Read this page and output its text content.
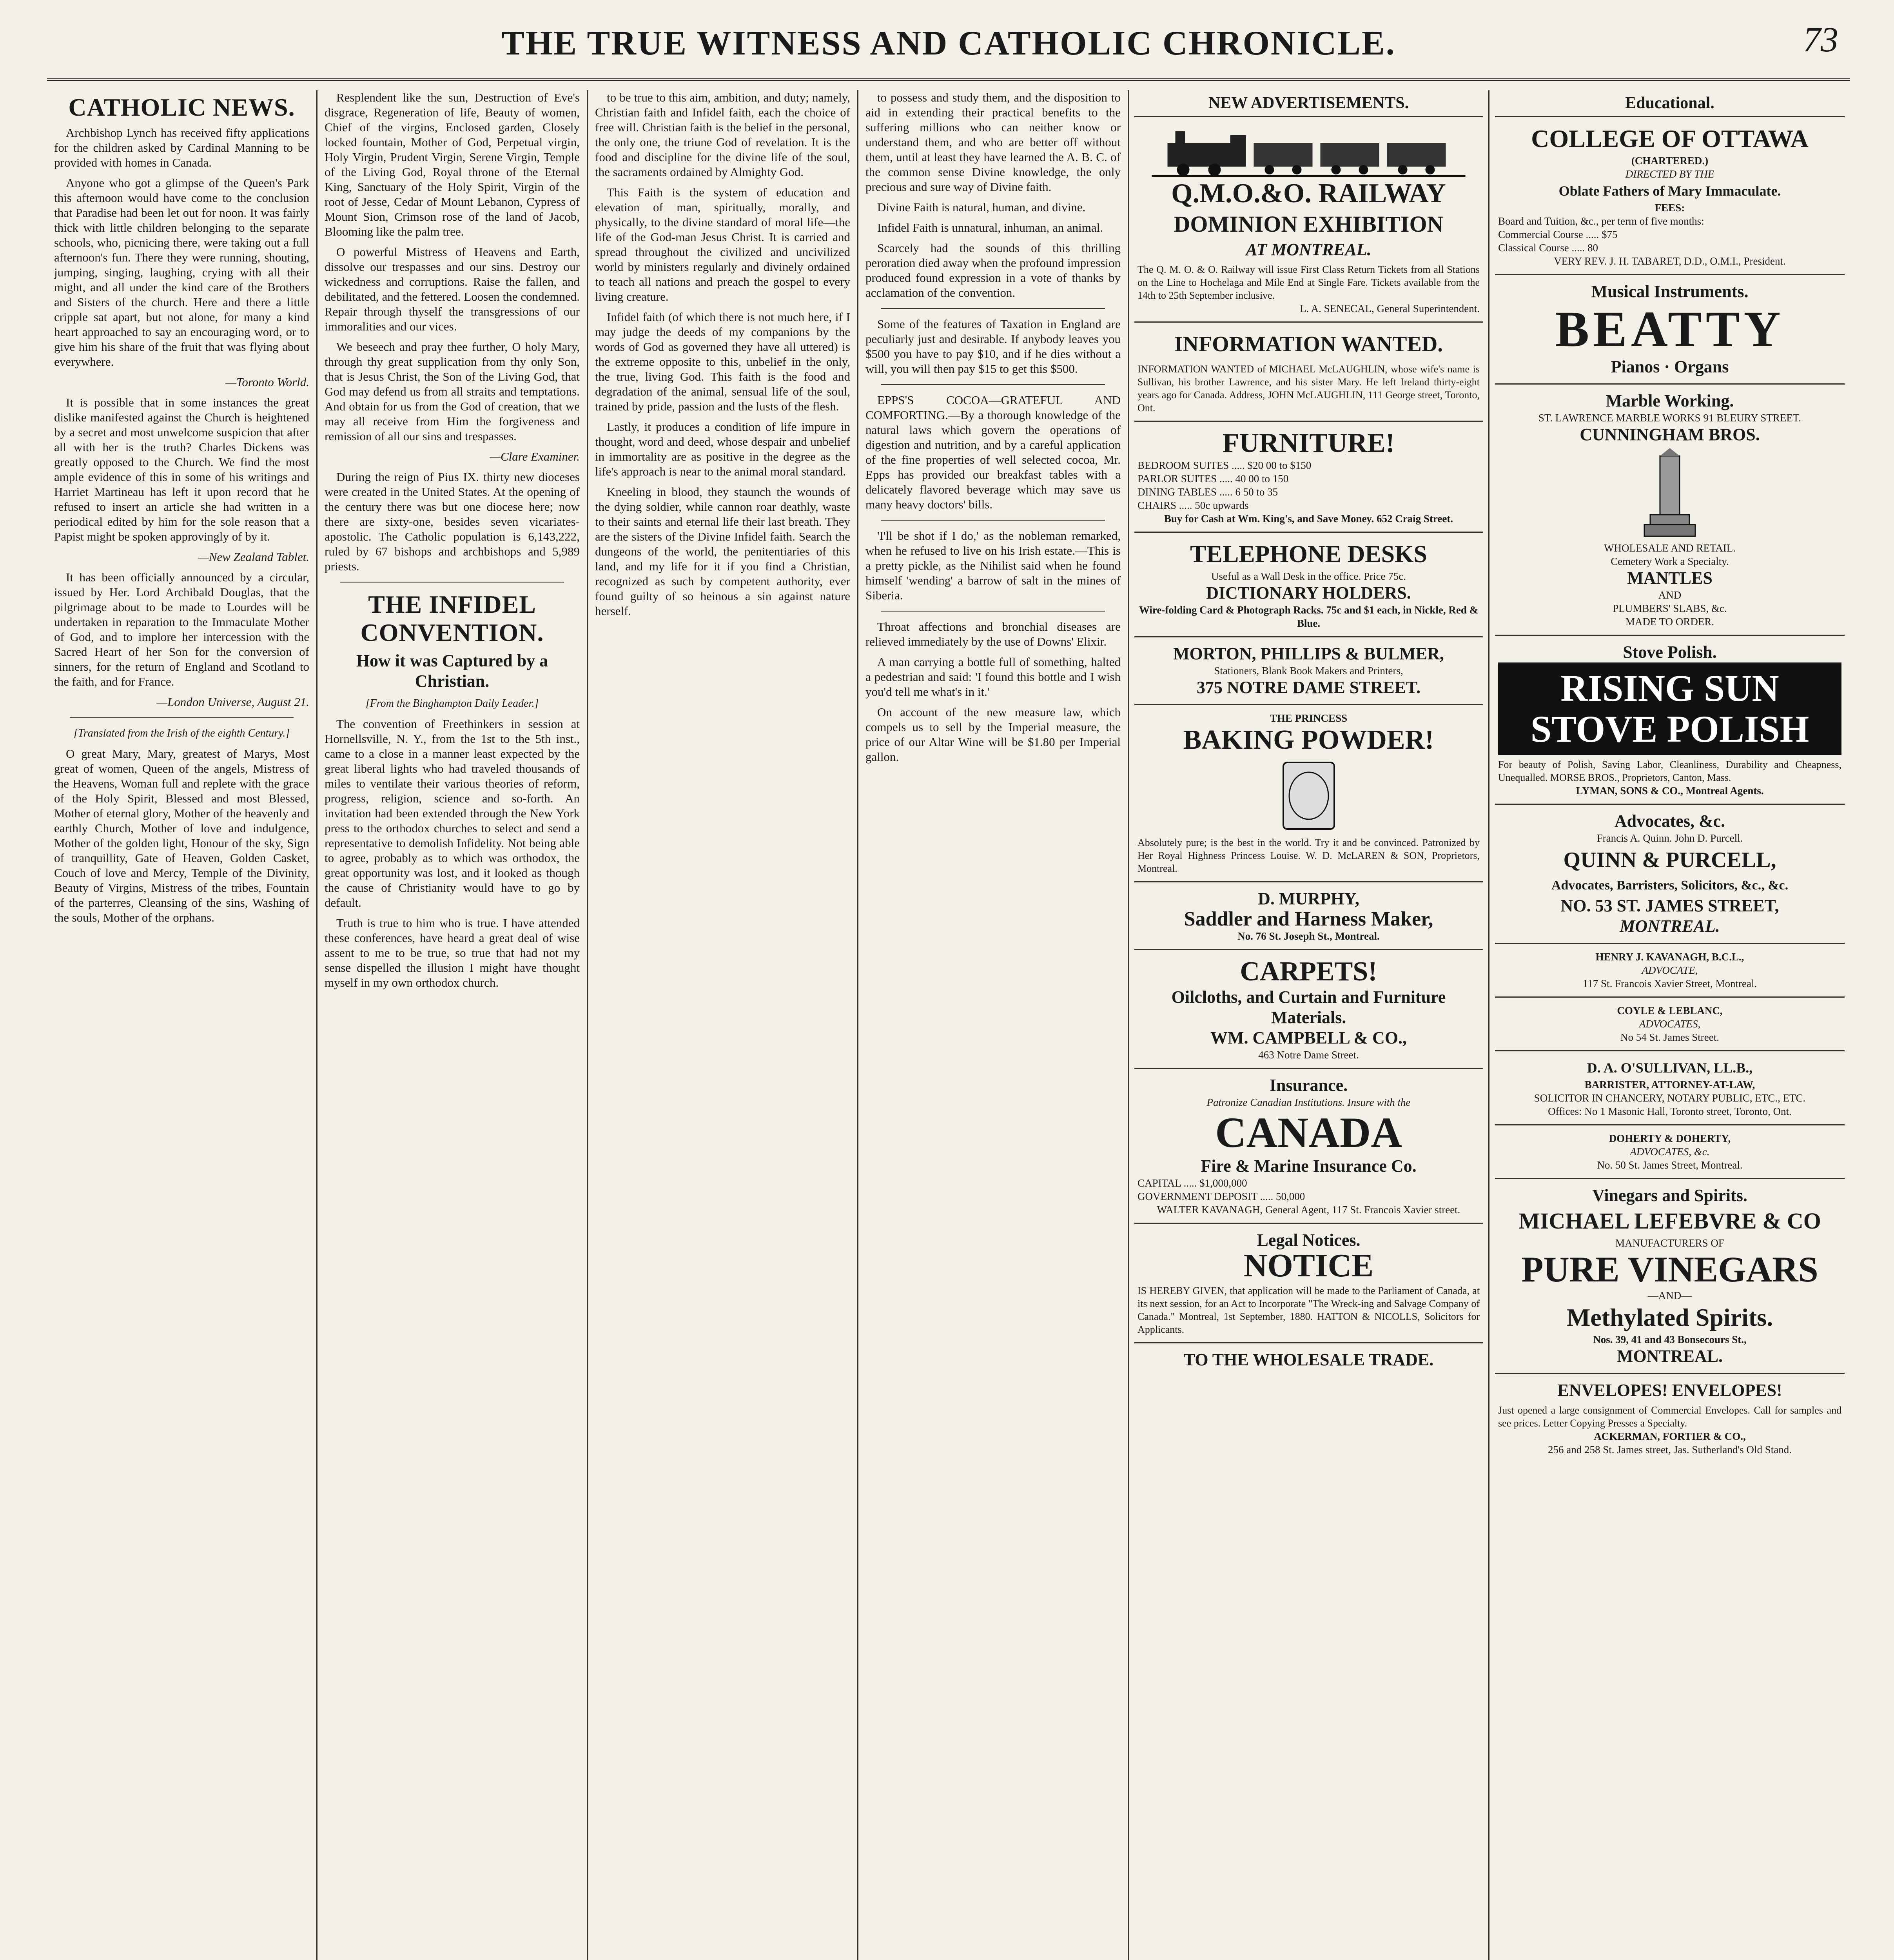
THE TRUE WITNESS AND CATHOLIC CHRONICLE.	73
CATHOLIC NEWS.

Archbishop Lynch has received fifty applications for the children asked by Cardinal Manning to be provided with homes in Canada.

Anyone who got a glimpse of the Queen's Park this afternoon would have come to the conclusion that Paradise had been let out for noon. It was fairly thick with little children belonging to the separate schools, who, picnicing there, were taking out a full afternoon's fun. There they were running, shouting, jumping, singing, laughing, crying with all their might, and all under the kind care of the Brothers and Sisters of the church. Here and there a little cripple sat apart, but not alone, for many a kind heart approached to say an encouraging word, or to give him his share of the fruit that was flying about everywhere.

—Toronto World.

It is possible that in some instances the great dislike manifested against the Church is heightened by a secret and most unwelcome suspicion that after all with her is the truth? Charles Dickens was greatly opposed to the Church. We find the most ample evidence of this in some of his writings and Harriet Martineau has left it upon record that he refused to insert an article she had written in a periodical edited by him for the sole reason that a Papist might be spoken approvingly of by it.

—New Zealand Tablet.

It has been officially announced by a circular, issued by Her. Lord Archibald Douglas, that the pilgrimage about to be made to Lourdes will be undertaken in reparation to the Immaculate Mother of God, and to implore her intercession with the Sacred Heart of her Son for the conversion of sinners, for the return of England and Scotland to the faith, and for France.

—London Universe, August 21.

[Translated from the Irish of the eighth Century.]

O great Mary, Mary, greatest of Marys, Most great of women, Queen of the angels, Mistress of the Heavens, Woman full and replete with the grace of the Holy Spirit, Blessed and most Blessed, Mother of eternal glory, Mother of the heavenly and earthly Church, Mother of love and indulgence, Mother of the golden light, Honour of the sky, Sign of tranquillity, Gate of Heaven, Golden Casket, Couch of love and Mercy, Temple of the Divinity, Beauty of Virgins, Mistress of the tribes, Fountain of the parterres, Cleansing of the sins, Washing of the souls, Mother of the orphans.

Resplendent like the sun, Destruction of Eve's disgrace, Regeneration of life, Beauty of women, Chief of the virgins, Enclosed garden, Closely locked fountain, Mother of God, Perpetual virgin, Holy Virgin, Prudent Virgin, Serene Virgin, Temple of the Living God, Royal throne of the Eternal King, Sanctuary of the Holy Spirit, Virgin of the root of Jesse, Cedar of Mount Lebanon, Cypress of Mount Sion, Crimson rose of the land of Jacob, Blooming like the palm tree.

O powerful Mistress of Heavens and Earth, dissolve our trespasses and our sins. Destroy our wickedness and corruptions. Raise the fallen, and debilitated, and the fettered. Loosen the condemned. Repair through thyself the transgressions of our immoralities and our vices.

We beseech and pray thee further, O holy Mary, through thy great supplication from thy only Son, that is Jesus Christ, the Son of the Living God, that God may defend us from all straits and temptations. And obtain for us from the God of creation, that we may all receive from Him the forgiveness and remission of all our sins and trespasses.

—Clare Examiner.

During the reign of Pius IX. thirty new dioceses were created in the United States. At the opening of the century there was but one diocese here; now there are sixty-one, besides seven vicariates-apostolic. The Catholic population is 6,143,222, ruled by 67 bishops and archbishops and 5,989 priests.

THE INFIDEL CONVENTION.
How it was Captured by a Christian.
[From the Binghampton Daily Leader.]

The convention of Freethinkers in session at Hornellsville, N. Y., from the 1st to the 5th inst., came to a close in a manner least expected by the great liberal lights who had traveled thousands of miles to ventilate their various theories of reform, progress, religion, science and so-forth. An invitation had been extended through the New York press to the orthodox churches to select and send a representative to demolish Infidelity. Not being able to agree, probably as to which was orthodox, the great opportunity was lost, and it looked as though the cause of Christianity would have to go by default.

Truth is true to him who is true. I have attended these conferences, have heard a great deal of wise assent to me to be true, so true that had not my sense dispelled the illusion I might have thought myself in my own orthodox church.

to be true to this aim, ambition, and duty; namely, Christian faith and Infidel faith, each the choice of free will. Christian faith is the belief in the personal, the only one, the triune God of revelation. It is the food and discipline for the divine life of the soul, the sacraments ordained by Almighty God.

This Faith is the system of education and elevation of man, spiritually, morally, and physically, to the divine standard of moral life—the life of the God-man Jesus Christ. It is carried and spread throughout the civilized and uncivilized world by ministers regularly and divinely ordained to teach all nations and preach the gospel to every living creature.

Infidel faith (of which there is not much here, if I may judge the deeds of my companions by the words of God as governed they have all uttered) is the extreme opposite to this, unbelief in the only, the true, living God. This faith is the food and degradation of the animal, sensual life of the soul, trained by pride, passion and the lusts of the flesh.

Lastly, it produces a condition of life impure in thought, word and deed, whose despair and unbelief in immortality are as positive in the degree as the life's approach is near to the animal moral standard.

Kneeling in blood, they staunch the wounds of the dying soldier, while cannon roar deathly, waste to their saints and eternal life their last breath. They are the sisters of the Divine Infidel faith. Search the dungeons of the world, the penitentiaries of this land, and my life for it if you find a Christian, recognized as such by competent authority, ever found guilty of so heinous a sin against nature herself.

to possess and study them, and the disposition to aid in extending their practical benefits to the suffering millions who can neither know or understand them, and who are better off without them, until at least they have learned the A. B. C. of the common sense Divine knowledge, the only precious and sure way of Divine faith.

Divine Faith is natural, human, and divine.

Infidel Faith is unnatural, inhuman, an animal.

Scarcely had the sounds of this thrilling peroration died away when the profound impression produced found expression in a vote of thanks by acclamation of the convention.

Some of the features of Taxation in England are peculiarly just and desirable. If anybody leaves you $500 you have to pay $10, and if he dies without a will, you will then pay $15 to get this $500.

EPPS'S COCOA—GRATEFUL AND COMFORTING.—By a thorough knowledge of the natural laws which govern the operations of digestion and nutrition, and by a careful application of the fine properties of well selected cocoa, Mr. Epps has provided our breakfast tables with a delicately flavored beverage which may save us many heavy doctors' bills.

'I'll be shot if I do,' as the nobleman remarked, when he refused to live on his Irish estate.—This is a pretty pickle, as the Nihilist said when he found himself 'wending' a barrow of salt in the mines of Siberia.

Throat affections and bronchial diseases are relieved immediately by the use of Downs' Elixir.

A man carrying a bottle full of something, halted a pedestrian and said: 'I found this bottle and I wish you'd tell me what's in it.'

On account of the new measure law, which compels us to sell by the Imperial measure, the price of our Altar Wine will be $1.80 per Imperial gallon.

NEW ADVERTISEMENTS.
Q.M.O.&O. RAILWAY
DOMINION EXHIBITION
AT MONTREAL.
The Q. M. O. & O. Railway will issue First Class Return Tickets from all Stations on the Line to Hochelaga and Mile End at Single Fare. Tickets available from the 14th to 25th September inclusive.
L. A. SENECAL, General Superintendent.
INFORMATION WANTED.
INFORMATION WANTED of MICHAEL McLAUGHLIN, whose wife's name is Sullivan, his brother Lawrence, and his sister Mary. He left Ireland thirty-eight years ago for Canada. Address, JOHN McLAUGHLIN, 111 George street, Toronto, Ont.
FURNITURE!
BEDROOM SUITES ..... $20 00 to $150
PARLOR SUITES ..... 40 00 to 150
DINING TABLES ..... 6 50 to 35
CHAIRS ..... 50c upwards
Buy for Cash at Wm. King's, and Save Money. 652 Craig Street.
TELEPHONE DESKS
Useful as a Wall Desk in the office. Price 75c.
DICTIONARY HOLDERS.
Wire-folding Card & Photograph Racks. 75c and $1 each, in Nickle, Red & Blue.
MORTON, PHILLIPS & BULMER,
Stationers, Blank Book Makers and Printers,
375 NOTRE DAME STREET.
THE PRINCESS
BAKING POWDER!
Absolutely pure; is the best in the world. Try it and be convinced. Patronized by Her Royal Highness Princess Louise. W. D. McLAREN & SON, Proprietors, Montreal.
D. MURPHY,
Saddler and Harness Maker,
No. 76 St. Joseph St., Montreal.
CARPETS!
Oilcloths, and Curtain and Furniture Materials.
WM. CAMPBELL & CO.,
463 Notre Dame Street.
Insurance.
Patronize Canadian Institutions. Insure with the
CANADA
Fire & Marine Insurance Co.
CAPITAL ..... $1,000,000
GOVERNMENT DEPOSIT ..... 50,000
WALTER KAVANAGH, General Agent, 117 St. Francois Xavier street.
Legal Notices.
NOTICE
IS HEREBY GIVEN, that application will be made to the Parliament of Canada, at its next session, for an Act to Incorporate "The Wreck-ing and Salvage Company of Canada." Montreal, 1st September, 1880. HATTON & NICOLLS, Solicitors for Applicants.
TO THE WHOLESALE TRADE.
Educational.
COLLEGE OF OTTAWA
(CHARTERED.)
DIRECTED BY THE
Oblate Fathers of Mary Immaculate.
FEES:
Board and Tuition, &c., per term of five months:
Commercial Course ..... $75
Classical Course ..... 80
VERY REV. J. H. TABARET, D.D., O.M.I., President.
Musical Instruments.
BEATTY
Pianos · Organs
Marble Working.
ST. LAWRENCE MARBLE WORKS 91 BLEURY STREET.
CUNNINGHAM BROS.
WHOLESALE AND RETAIL.
Cemetery Work a Specialty.
MANTLES
AND
PLUMBERS' SLABS, &c.
MADE TO ORDER.
Stove Polish.
RISING SUN
STOVE POLISH
For beauty of Polish, Saving Labor, Cleanliness, Durability and Cheapness, Unequalled. MORSE BROS., Proprietors, Canton, Mass.
LYMAN, SONS & CO., Montreal Agents.
Advocates, &c.
Francis A. Quinn. John D. Purcell.
QUINN & PURCELL,
Advocates, Barristers, Solicitors, &c., &c.
NO. 53 ST. JAMES STREET,
MONTREAL.
HENRY J. KAVANAGH, B.C.L.,
ADVOCATE,
117 St. Francois Xavier Street, Montreal.
COYLE & LEBLANC,
ADVOCATES,
No 54 St. James Street.
D. A. O'SULLIVAN, LL.B.,
BARRISTER, ATTORNEY-AT-LAW,
SOLICITOR IN CHANCERY, NOTARY PUBLIC, ETC., ETC.
Offices: No 1 Masonic Hall, Toronto street, Toronto, Ont.
DOHERTY & DOHERTY,
ADVOCATES, &c.
No. 50 St. James Street, Montreal.
Vinegars and Spirits.
MICHAEL LEFEBVRE & CO
MANUFACTURERS OF
PURE VINEGARS
—AND—
Methylated Spirits.
Nos. 39, 41 and 43 Bonsecours St.,
MONTREAL.
ENVELOPES! ENVELOPES!
Just opened a large consignment of Commercial Envelopes. Call for samples and see prices. Letter Copying Presses a Specialty.
ACKERMAN, FORTIER & CO.,
256 and 258 St. James street, Jas. Sutherland's Old Stand.
